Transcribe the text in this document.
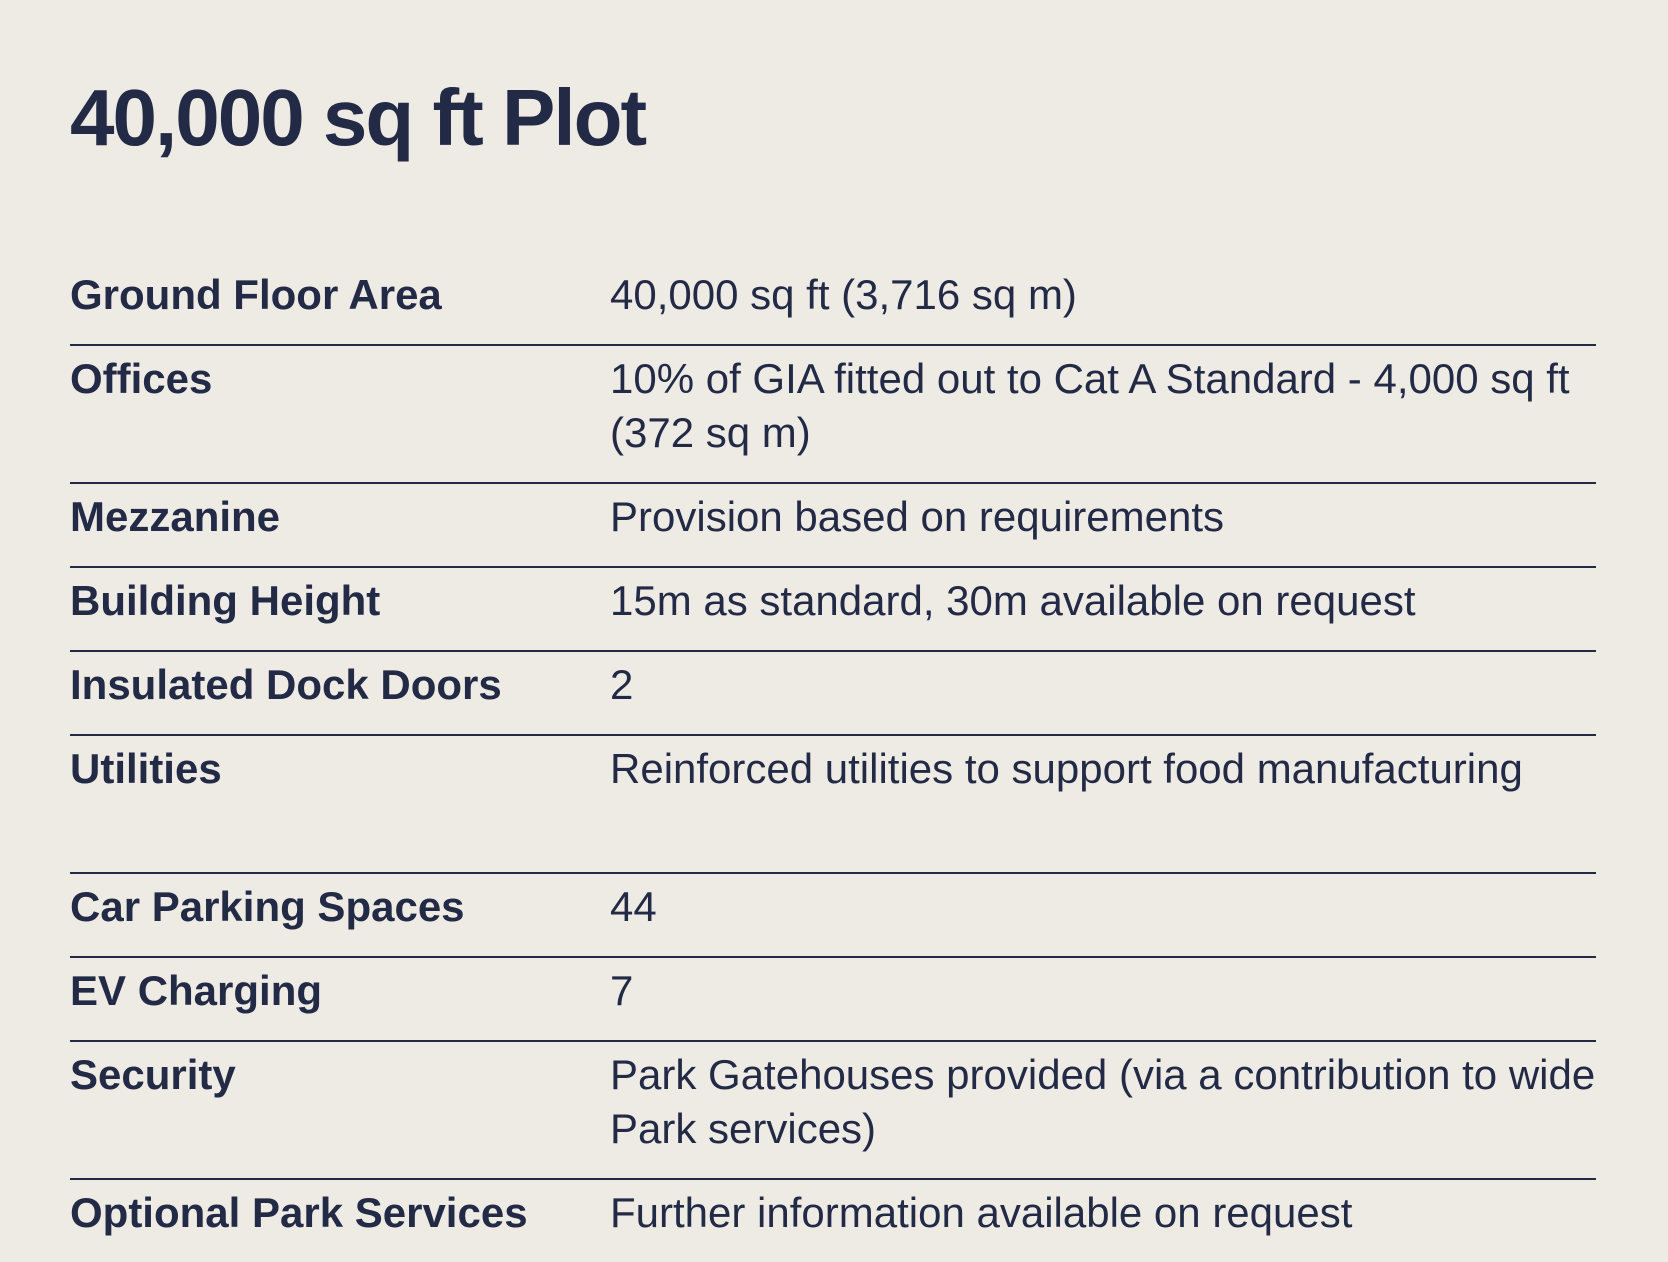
40,000 sq ft Plot
Ground Floor Area	40,000 sq ft (3,716 sq m)
Offices	10% of GIA fitted out to Cat A Standard - 4,000 sq ft (372 sq m)
Mezzanine	Provision based on requirements
Building Height	15m as standard, 30m available on request
Insulated Dock Doors	2
Utilities	Reinforced utilities to support food manufacturing
Car Parking Spaces	44
EV Charging	7
Security	Park Gatehouses provided (via a contribution to wide Park services)
Optional Park Services	Further information available on request
